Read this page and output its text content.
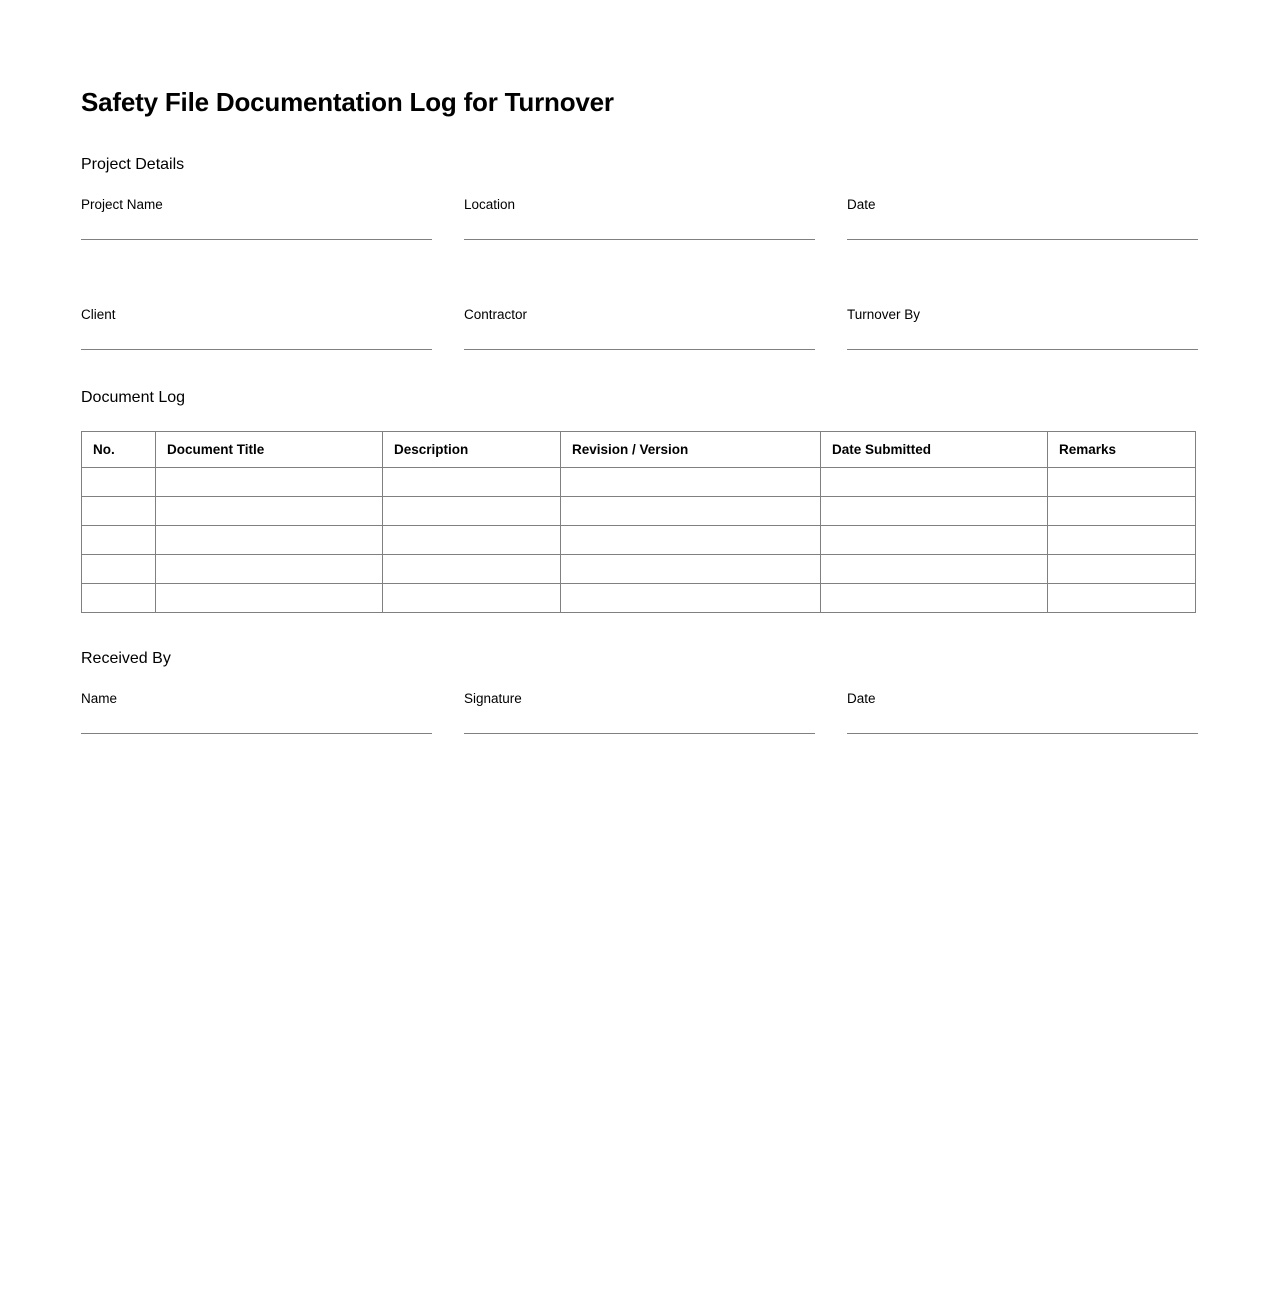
Safety File Documentation Log for Turnover
Project Details
Project Name	Location	Date
Client	Contractor	Turnover By
Document Log
No.	Document Title	Description	Revision / Version	Date Submitted	Remarks

Received By
Name	Signature	Date
